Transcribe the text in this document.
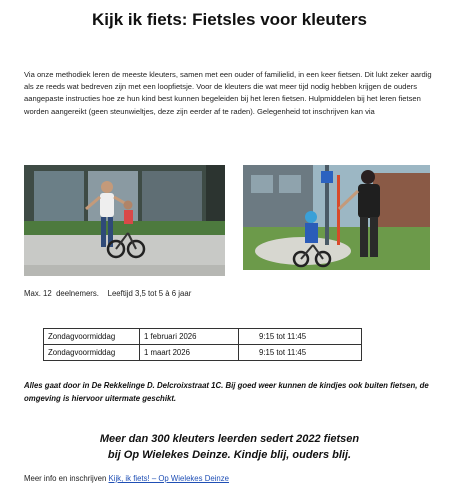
Kijk ik fiets: Fietsles voor kleuters
Via onze methodiek leren de meeste kleuters, samen met een ouder of familielid, in een keer fietsen. Dit lukt zeker aardig als ze reeds wat bedreven zijn met een loopfietsje. Voor de kleuters die wat meer tijd nodig hebben krijgen de ouders aangepaste instructies hoe ze hun kind best kunnen begeleiden bij het leren fietsen. Hulpmiddelen bij het leren fietsen worden aangereikt (geen steunwieltjes, deze zijn eerder af te raden). Gelegenheid tot inschrijven kan via
Max. 12  deelnemers.    Leeftijd 3,5 tot 5 à 6 jaar
Zondagvoormiddag	1 februari 2026	9:15 tot 11:45
Zondagvoormiddag	1 maart 2026	9:15 tot 11:45
Alles gaat door in De Rekkelinge D. Delcroixstraat 1C. Bij goed weer kunnen de kindjes ook buiten fietsen, de omgeving is hiervoor uitermate geschikt.
Meer dan 300 kleuters leerden sedert 2022 fietsen
bij Op Wielekes Deinze. Kindje blij, ouders blij.
Meer info en inschrijven Kijk, ik fiets! – Op Wielekes Deinze
